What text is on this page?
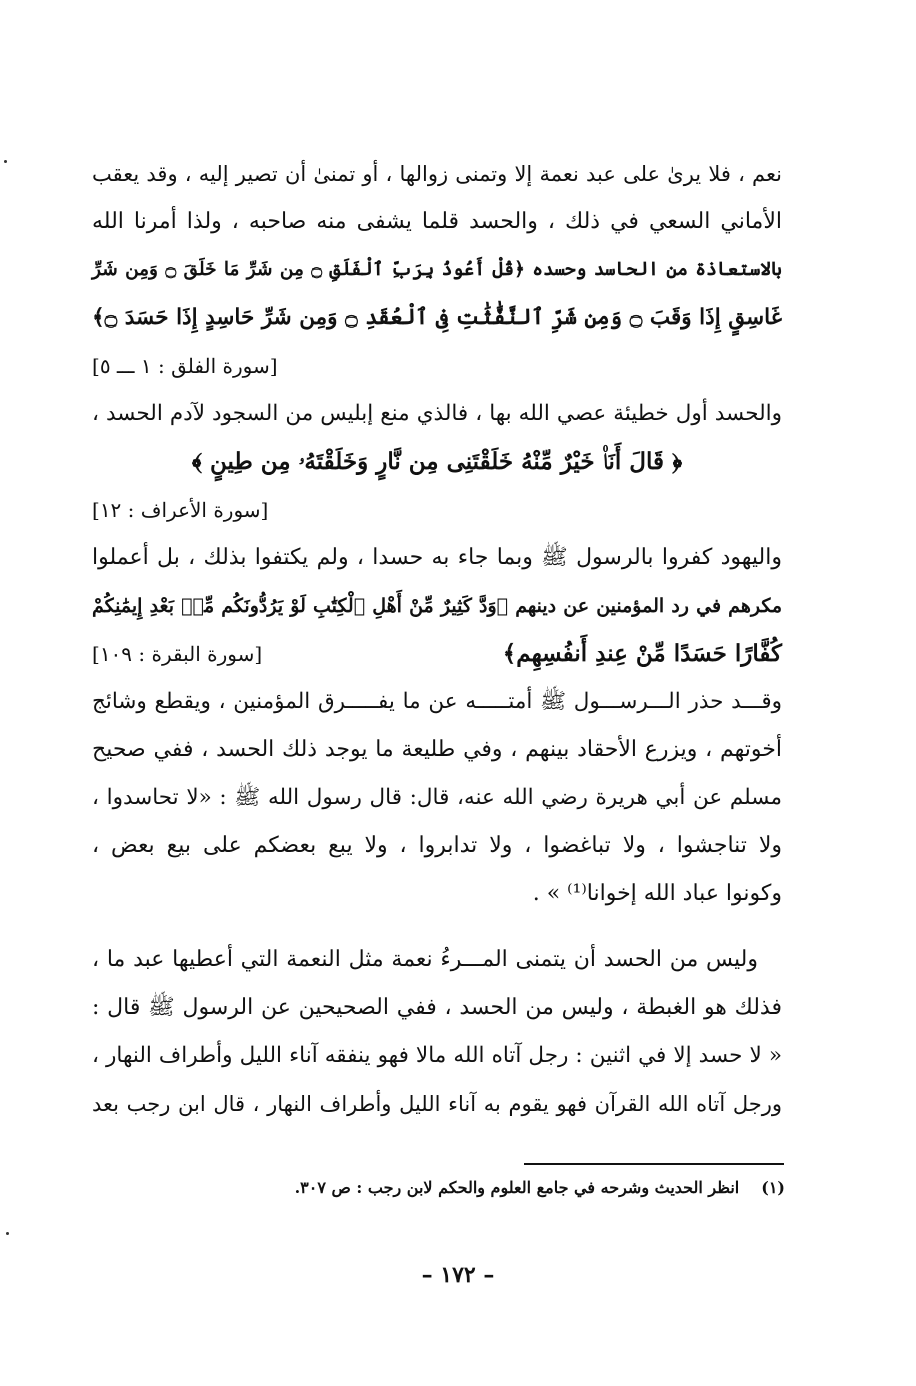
نعم ، فلا يرىٰ على عبد نعمة إلا وتمنى زوالها ، أو تمنىٰ أن تصير إليه ، وقد يعقب
الأماني السعي في ذلك ، والحسد قلما يشفى منه صاحبه ، ولذا أمرنا الله
بالاستعاذة من الحاسد وحسده ﴿قُلْ أَعُوذُ بِرَبِّ ٱلْفَلَقِ ۝ مِن شَرِّ مَا خَلَقَ ۝ وَمِن شَرِّ
غَاسِقٍ إِذَا وَقَبَ ۝ وَمِن شَرِّ ٱلنَّفَّٰثَٰتِ فِى ٱلْعُقَدِ ۝ وَمِن شَرِّ حَاسِدٍ إِذَا حَسَدَ ۝﴾
[سورة الفلق : ١ ـــ ٥]
والحسد أول خطيئة عصي الله بها ، فالذي منع إبليس من السجود لآدم الحسد ،
﴿ قَالَ أَنَا۠ خَيْرٌ مِّنْهُ خَلَقْتَنِى مِن نَّارٍ وَخَلَقْتَهُۥ مِن طِينٍ ﴾
[سورة الأعراف : ١٢]
واليهود كفروا بالرسول ﷺ وبما جاء به حسدا ، ولم يكتفوا بذلك ، بل أعملوا
مكرهم في رد المؤمنين عن دينهم ﴿وَدَّ كَثِيرٌ مِّنْ أَهْلِ ٱلْكِتَٰبِ لَوْ يَرُدُّونَكُم مِّنۢ بَعْدِ إِيمَٰنِكُمْ
كُفَّارًا حَسَدًا مِّنْ عِندِ أَنفُسِهِم﴾
[سورة البقرة : ١٠٩]
وقـــد حذر الـــرســـول ﷺ أمتـــــه عن ما يفـــــرق المؤمنين ، ويقطع وشائج
أخوتهم ، ويزرع الأحقاد بينهم ، وفي طليعة ما يوجد ذلك الحسد ، ففي صحيح
مسلم عن أبي هريرة رضي الله عنه، قال: قال رسول الله ﷺ : «لا تحاسدوا ،
ولا تناجشوا ، ولا تباغضوا ، ولا تدابروا ، ولا يبع بعضكم على بيع بعض ،
وكونوا عباد الله إخوانا⁽¹⁾ » .
وليس من الحسد أن يتمنى المـــرءُ نعمة مثل النعمة التي أعطيها عبد ما ،
فذلك هو الغبطة ، وليس من الحسد ، ففي الصحيحين عن الرسول ﷺ قال :
« لا حسد إلا في اثنين : رجل آتاه الله مالا فهو ينفقه آناء الليل وأطراف النهار ،
ورجل آتاه الله القرآن فهو يقوم به آناء الليل وأطراف النهار ، قال ابن رجب بعد
(١)انظر الحديث وشرحه في جامع العلوم والحكم لابن رجب : ص ٣٠٧.
– ١٧٢ –
